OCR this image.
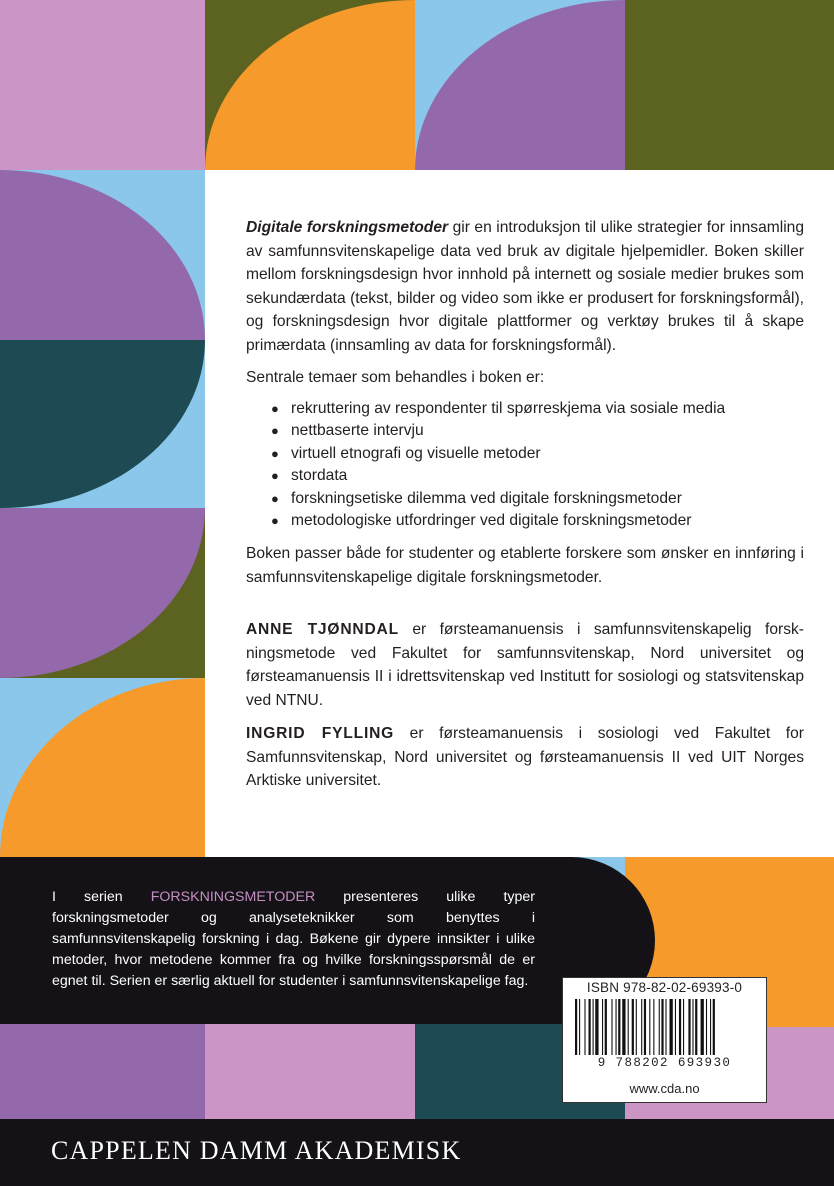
Digitale forskningsmetoder gir en introduksjon til ulike strategier for innsamling av samfunnsvitenskapelige data ved bruk av digitale hjelpemidler. Boken skiller mellom forskningsdesign hvor innhold på internett og sosiale medier brukes som sekundærdata (tekst, bilder og video som ikke er produsert for forskningsformål), og forskningsdesign hvor digitale plattformer og verktøy brukes til å skape primærdata (innsamling av data for forskningsformål).

Sentrale temaer som behandles i boken er:

● rekruttering av respondenter til spørreskjema via sosiale media
● nettbaserte intervju
● virtuell etnografi og visuelle metoder
● stordata
● forskningsetiske dilemma ved digitale forskningsmetoder
● metodologiske utfordringer ved digitale forskningsmetoder

Boken passer både for studenter og etablerte forskere som ønsker en innføring i samfunnsvitenskapelige digitale forskningsmetoder.

ANNE TJØNNDAL er førsteamanuensis i samfunnsvitenskapelig forskningsmetode ved Fakultet for samfunnsvitenskap, Nord universitet og førsteamanuensis II i idrettsvitenskap ved Institutt for sosiologi og statsvitenskap ved NTNU.

INGRID FYLLING er førsteamanuensis i sosiologi ved Fakultet for Samfunnsvitenskap, Nord universitet og førsteamanuensis II ved UIT Norges Arktiske universitet.

I serien FORSKNINGSMETODER presenteres ulike typer forskningsmetoder og analyseteknikker som benyttes i samfunnsvitenskapelig forskning i dag. Bøkene gir dypere innsikter i ulike metoder, hvor metodene kommer fra og hvilke forskningsspørsmål de er egnet til. Serien er særlig aktuell for studenter i samfunnsvitenskapelige fag.	ISBN 978-82-02-69393-0
9 788202 693930
www.cda.no
CAPPELEN DAMM AKADEMISK
